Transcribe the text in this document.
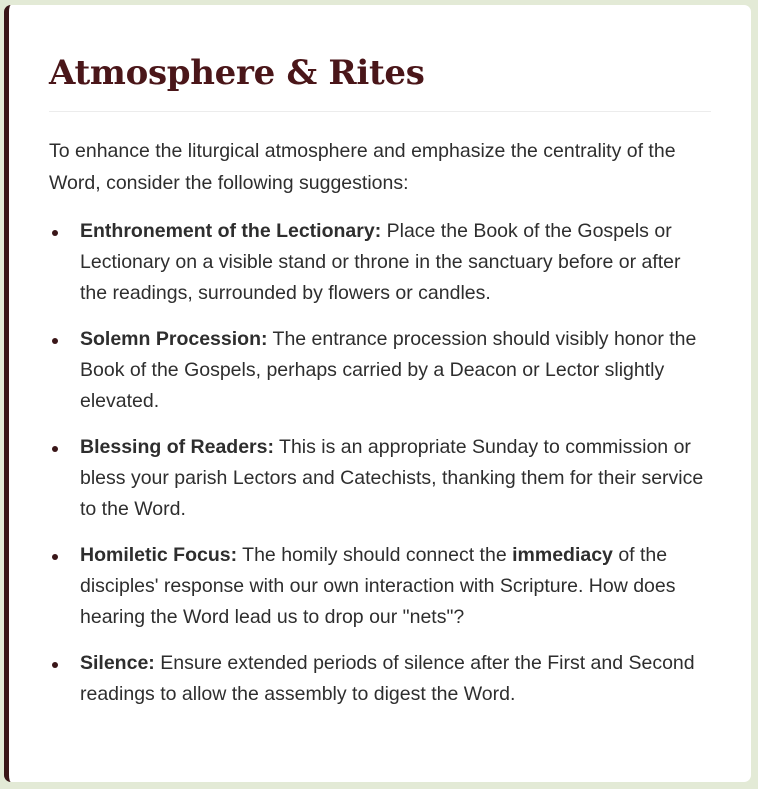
Atmosphere & Rites

To enhance the liturgical atmosphere and emphasize the centrality of the Word, consider the following suggestions:

Enthronement of the Lectionary: Place the Book of the Gospels or Lectionary on a visible stand or throne in the sanctuary before or after the readings, surrounded by flowers or candles.
Solemn Procession: The entrance procession should visibly honor the Book of the Gospels, perhaps carried by a Deacon or Lector slightly elevated.
Blessing of Readers: This is an appropriate Sunday to commission or bless your parish Lectors and Catechists, thanking them for their service to the Word.
Homiletic Focus: The homily should connect the immediacy of the disciples' response with our own interaction with Scripture. How does hearing the Word lead us to drop our "nets"?
Silence: Ensure extended periods of silence after the First and Second readings to allow the assembly to digest the Word.
